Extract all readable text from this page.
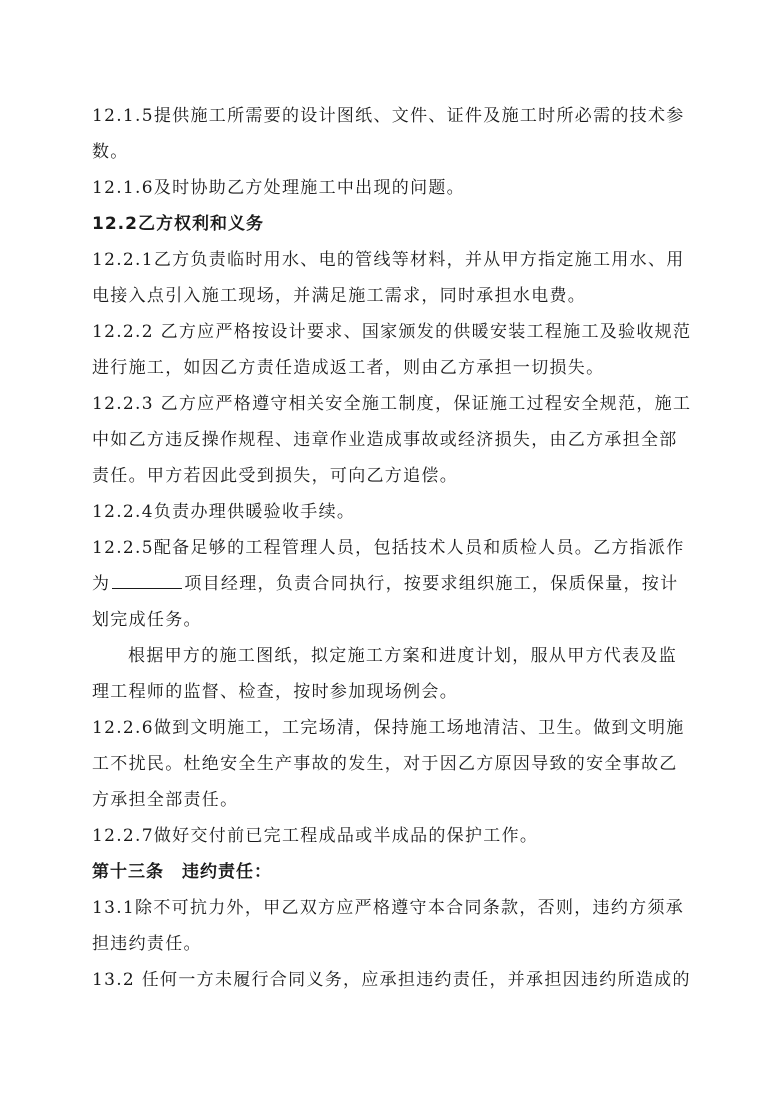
12.1.5提供施工所需要的设计图纸、文件、证件及施工时所必需的技术参
数。
12.1.6及时协助乙方处理施工中出现的问题。
12.2乙方权利和义务
12.2.1乙方负责临时用水、电的管线等材料，并从甲方指定施工用水、用
电接入点引入施工现场，并满足施工需求，同时承担水电费。
12.2.2 乙方应严格按设计要求、国家颁发的供暖安装工程施工及验收规范
进行施工，如因乙方责任造成返工者，则由乙方承担一切损失。
12.2.3 乙方应严格遵守相关安全施工制度，保证施工过程安全规范，施工
中如乙方违反操作规程、违章作业造成事故或经济损失，由乙方承担全部
责任。甲方若因此受到损失，可向乙方追偿。
12.2.4负责办理供暖验收手续。
12.2.5配备足够的工程管理人员，包括技术人员和质检人员。乙方指派作
为	项目经理，负责合同执行，按要求组织施工，保质保量，按计
划完成任务。
根据甲方的施工图纸，拟定施工方案和进度计划，服从甲方代表及监
理工程师的监督、检查，按时参加现场例会。
12.2.6做到文明施工，工完场清，保持施工场地清洁、卫生。做到文明施
工不扰民。杜绝安全生产事故的发生，对于因乙方原因导致的安全事故乙
方承担全部责任。
12.2.7做好交付前已完工程成品或半成品的保护工作。
第十三条　违约责任：
13.1除不可抗力外，甲乙双方应严格遵守本合同条款，否则，违约方须承
担违约责任。
13.2 任何一方未履行合同义务，应承担违约责任，并承担因违约所造成的
